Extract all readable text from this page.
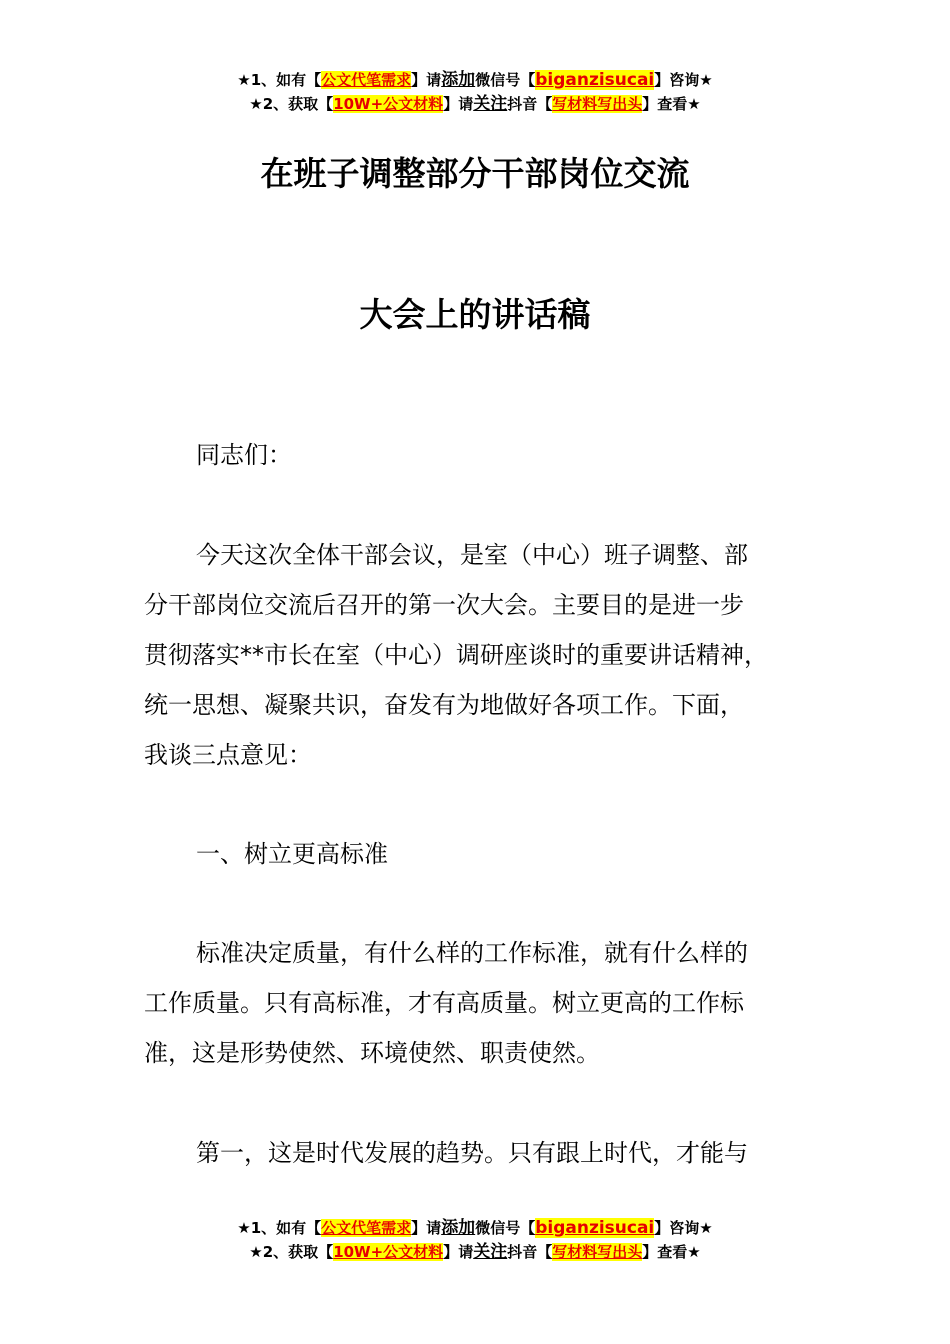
★1、如有【公文代笔需求】请添加微信号【biganzisucai】咨询★
★2、获取【10W+公文材料】请关注抖音【写材料写出头】查看★
在班子调整部分干部岗位交流
大会上的讲话稿
同志们：
今天这次全体干部会议，是室（中心）班子调整、部
分干部岗位交流后召开的第一次大会。主要目的是进一步
贯彻落实**市长在室（中心）调研座谈时的重要讲话精神，
统一思想、凝聚共识，奋发有为地做好各项工作。下面，
我谈三点意见：
一、树立更高标准
标准决定质量，有什么样的工作标准，就有什么样的
工作质量。只有高标准，才有高质量。树立更高的工作标
准，这是形势使然、环境使然、职责使然。
第一，这是时代发展的趋势。只有跟上时代，才能与
★1、如有【公文代笔需求】请添加微信号【biganzisucai】咨询★
★2、获取【10W+公文材料】请关注抖音【写材料写出头】查看★
